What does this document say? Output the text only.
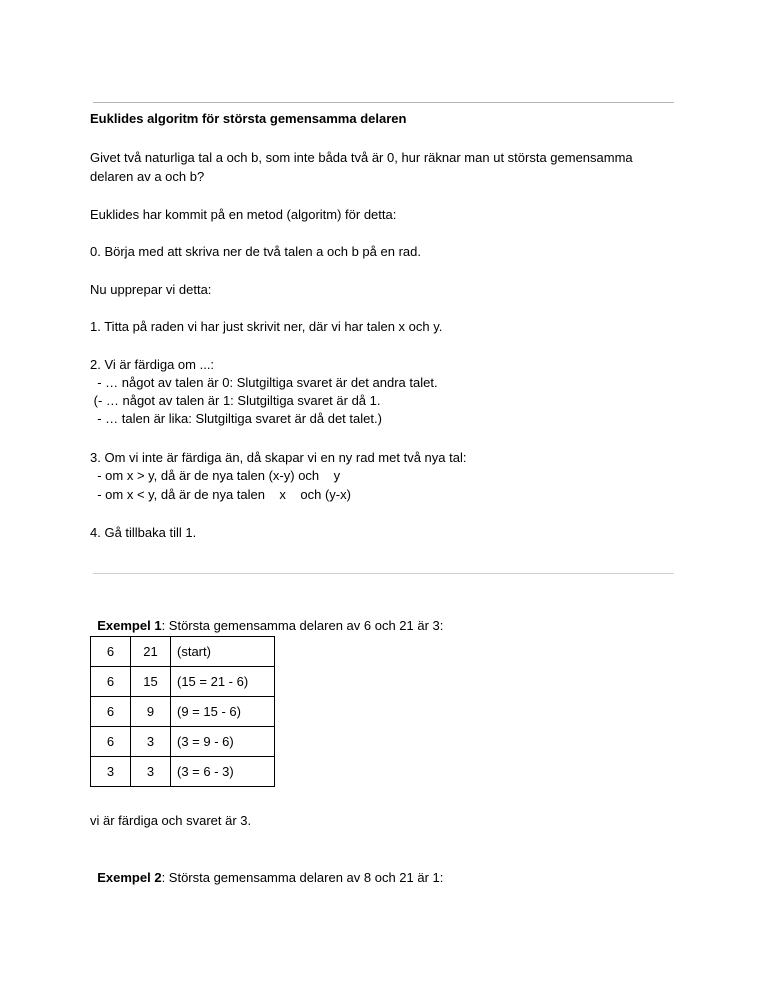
Euklides algoritm för största gemensamma delaren
Givet två naturliga tal a och b, som inte båda två är 0, hur räknar man ut största gemensamma
delaren av a och b?
Euklides har kommit på en metod (algoritm) för detta:
0. Börja med att skriva ner de två talen a och b på en rad.
Nu upprepar vi detta:
1. Titta på raden vi har just skrivit ner, där vi har talen x och y.
2. Vi är färdiga om ...:
- … något av talen är 0: Slutgiltiga svaret är det andra talet.
(- … något av talen är 1: Slutgiltiga svaret är då 1.
- … talen är lika: Slutgiltiga svaret är då det talet.)
3. Om vi inte är färdiga än, då skapar vi en ny rad met två nya tal:
- om x > y, då är de nya talen (x-y) och    y
- om x < y, då är de nya talen    x    och (y-x)
4. Gå tillbaka till 1.

Exempel 1: Största gemensamma delaren av 6 och 21 är 3:

6	21	(start)
6	15	(15 = 21 - 6)
6	9	(9 = 15 - 6)
6	3	(3 = 9 - 6)
3	3	(3 = 6 - 3)
vi är färdiga och svaret är 3.

Exempel 2: Största gemensamma delaren av 8 och 21 är 1:
